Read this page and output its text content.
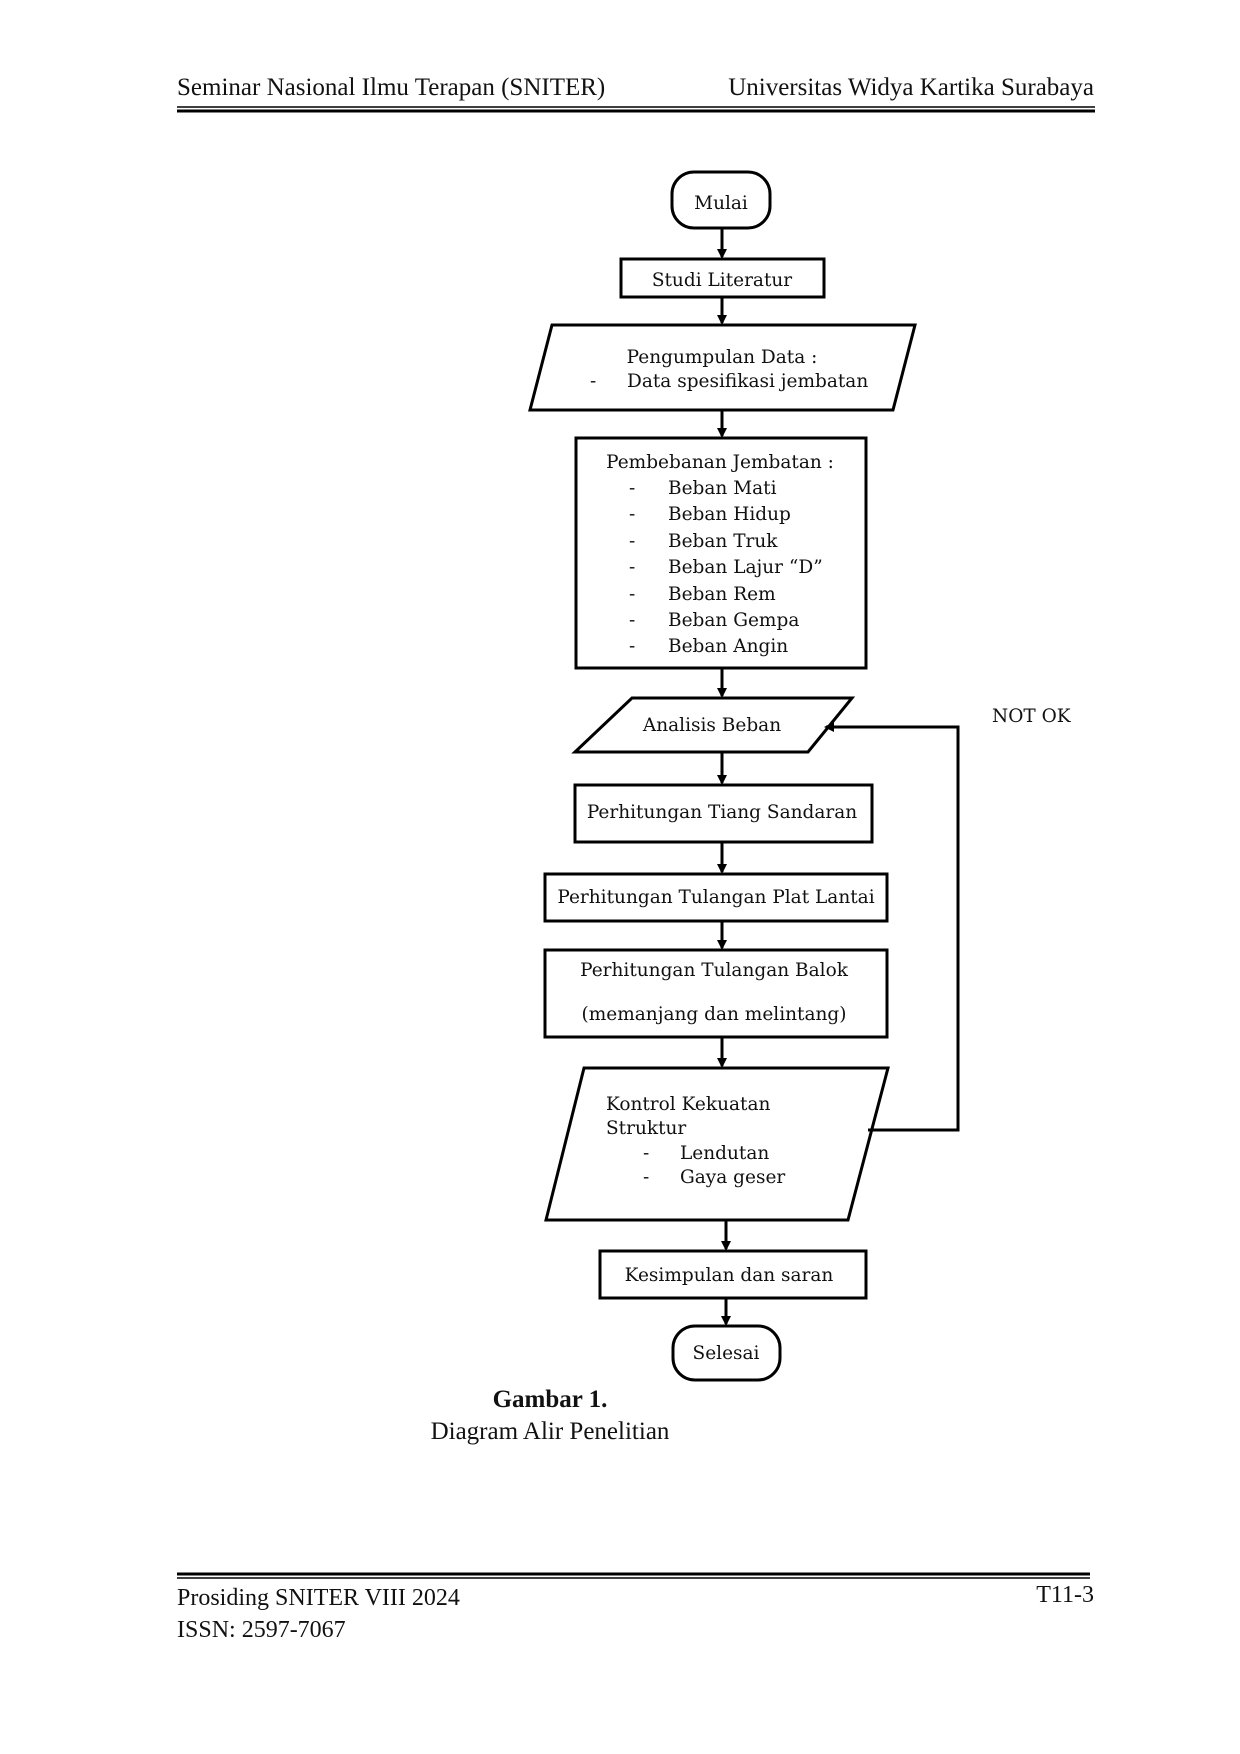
Seminar Nasional Ilmu Terapan (SNITER)	Universitas Widya Kartika Surabaya
Mulai
Studi Literatur
Pengumpulan Data :
- Data spesifikasi jembatan
Pembebanan Jembatan :
- Beban Mati
- Beban Hidup
- Beban Truk
- Beban Lajur “D”
- Beban Rem
- Beban Gempa
- Beban Angin
Analisis Beban	NOT OK
Perhitungan Tiang Sandaran
Perhitungan Tulangan Plat Lantai
Perhitungan Tulangan Balok
(memanjang dan melintang)
Kontrol Kekuatan
Struktur
- Lendutan
- Gaya geser
Kesimpulan dan saran
Selesai
Gambar 1.
Diagram Alir Penelitian
Prosiding SNITER VIII 2024
ISSN: 2597-7067
T11-3
